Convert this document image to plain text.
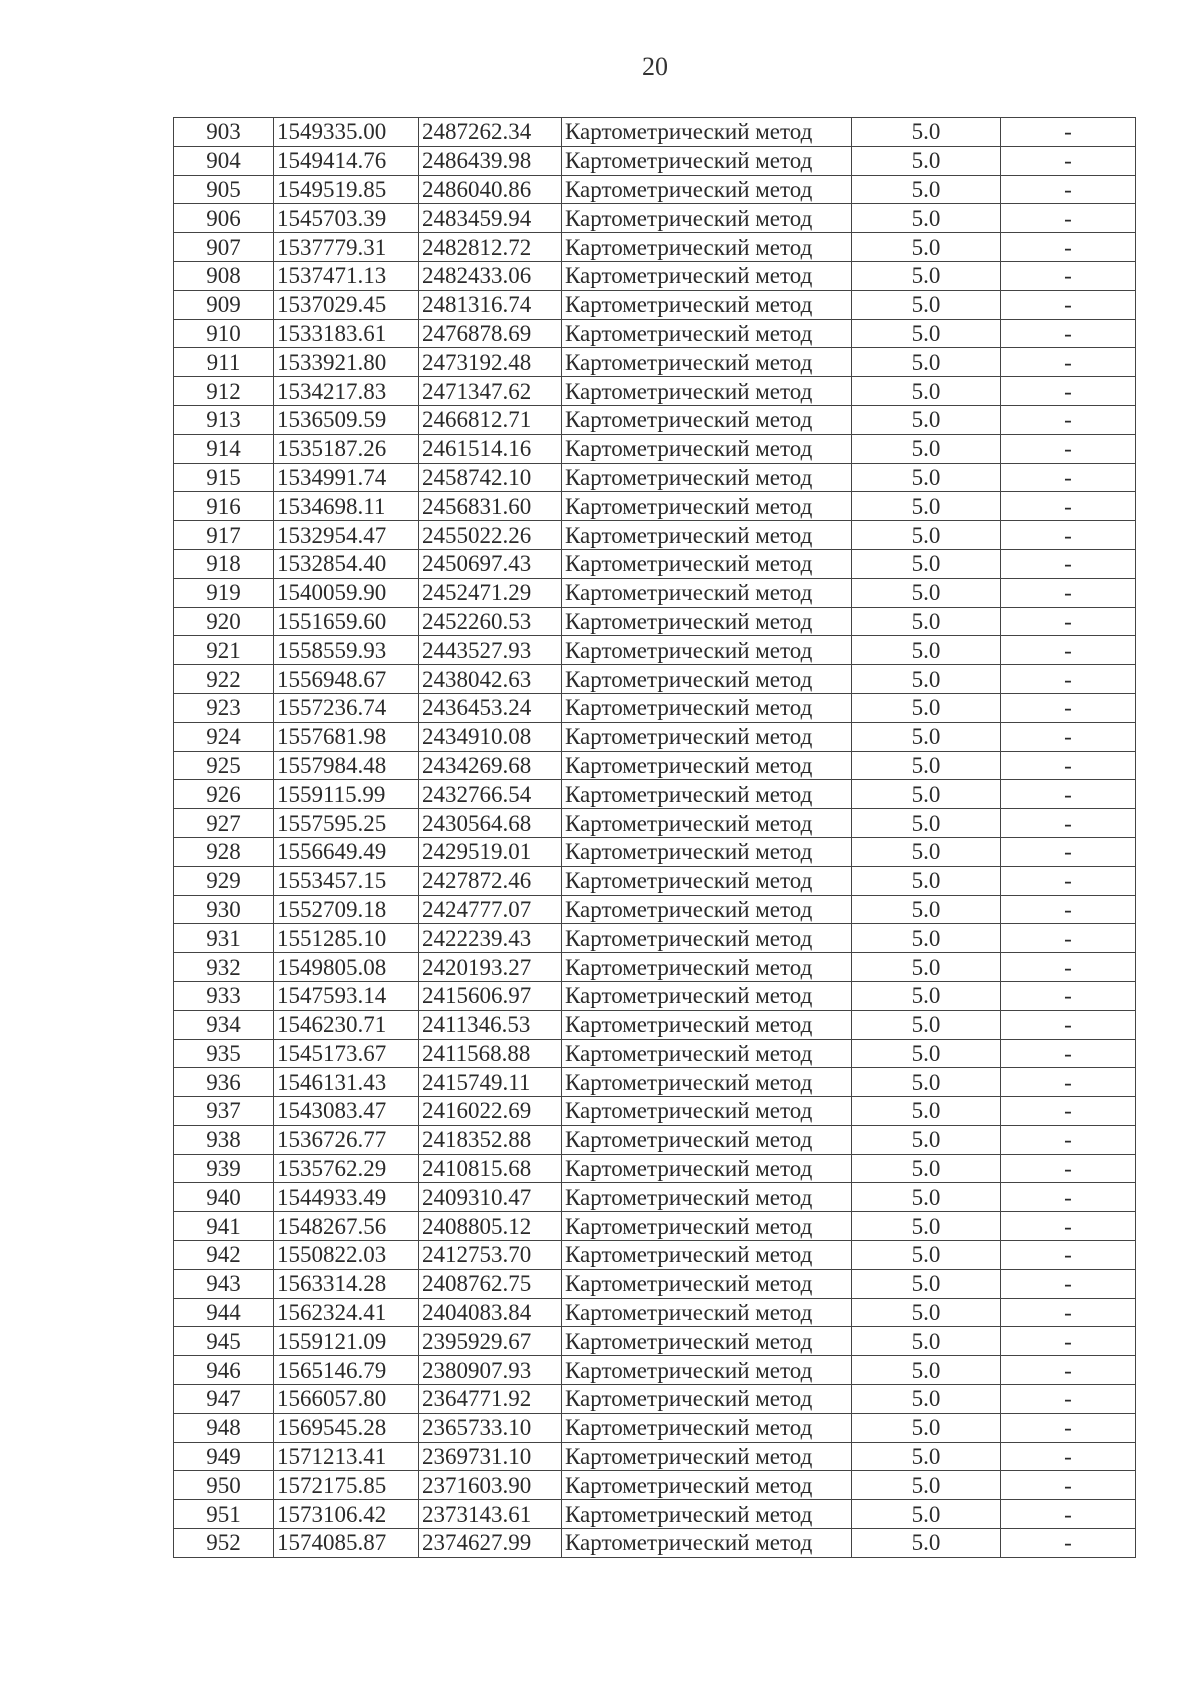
20
903	1549335.00	2487262.34	Картометрический метод	5.0	-
904	1549414.76	2486439.98	Картометрический метод	5.0	-
905	1549519.85	2486040.86	Картометрический метод	5.0	-
906	1545703.39	2483459.94	Картометрический метод	5.0	-
907	1537779.31	2482812.72	Картометрический метод	5.0	-
908	1537471.13	2482433.06	Картометрический метод	5.0	-
909	1537029.45	2481316.74	Картометрический метод	5.0	-
910	1533183.61	2476878.69	Картометрический метод	5.0	-
911	1533921.80	2473192.48	Картометрический метод	5.0	-
912	1534217.83	2471347.62	Картометрический метод	5.0	-
913	1536509.59	2466812.71	Картометрический метод	5.0	-
914	1535187.26	2461514.16	Картометрический метод	5.0	-
915	1534991.74	2458742.10	Картометрический метод	5.0	-
916	1534698.11	2456831.60	Картометрический метод	5.0	-
917	1532954.47	2455022.26	Картометрический метод	5.0	-
918	1532854.40	2450697.43	Картометрический метод	5.0	-
919	1540059.90	2452471.29	Картометрический метод	5.0	-
920	1551659.60	2452260.53	Картометрический метод	5.0	-
921	1558559.93	2443527.93	Картометрический метод	5.0	-
922	1556948.67	2438042.63	Картометрический метод	5.0	-
923	1557236.74	2436453.24	Картометрический метод	5.0	-
924	1557681.98	2434910.08	Картометрический метод	5.0	-
925	1557984.48	2434269.68	Картометрический метод	5.0	-
926	1559115.99	2432766.54	Картометрический метод	5.0	-
927	1557595.25	2430564.68	Картометрический метод	5.0	-
928	1556649.49	2429519.01	Картометрический метод	5.0	-
929	1553457.15	2427872.46	Картометрический метод	5.0	-
930	1552709.18	2424777.07	Картометрический метод	5.0	-
931	1551285.10	2422239.43	Картометрический метод	5.0	-
932	1549805.08	2420193.27	Картометрический метод	5.0	-
933	1547593.14	2415606.97	Картометрический метод	5.0	-
934	1546230.71	2411346.53	Картометрический метод	5.0	-
935	1545173.67	2411568.88	Картометрический метод	5.0	-
936	1546131.43	2415749.11	Картометрический метод	5.0	-
937	1543083.47	2416022.69	Картометрический метод	5.0	-
938	1536726.77	2418352.88	Картометрический метод	5.0	-
939	1535762.29	2410815.68	Картометрический метод	5.0	-
940	1544933.49	2409310.47	Картометрический метод	5.0	-
941	1548267.56	2408805.12	Картометрический метод	5.0	-
942	1550822.03	2412753.70	Картометрический метод	5.0	-
943	1563314.28	2408762.75	Картометрический метод	5.0	-
944	1562324.41	2404083.84	Картометрический метод	5.0	-
945	1559121.09	2395929.67	Картометрический метод	5.0	-
946	1565146.79	2380907.93	Картометрический метод	5.0	-
947	1566057.80	2364771.92	Картометрический метод	5.0	-
948	1569545.28	2365733.10	Картометрический метод	5.0	-
949	1571213.41	2369731.10	Картометрический метод	5.0	-
950	1572175.85	2371603.90	Картометрический метод	5.0	-
951	1573106.42	2373143.61	Картометрический метод	5.0	-
952	1574085.87	2374627.99	Картометрический метод	5.0	-
